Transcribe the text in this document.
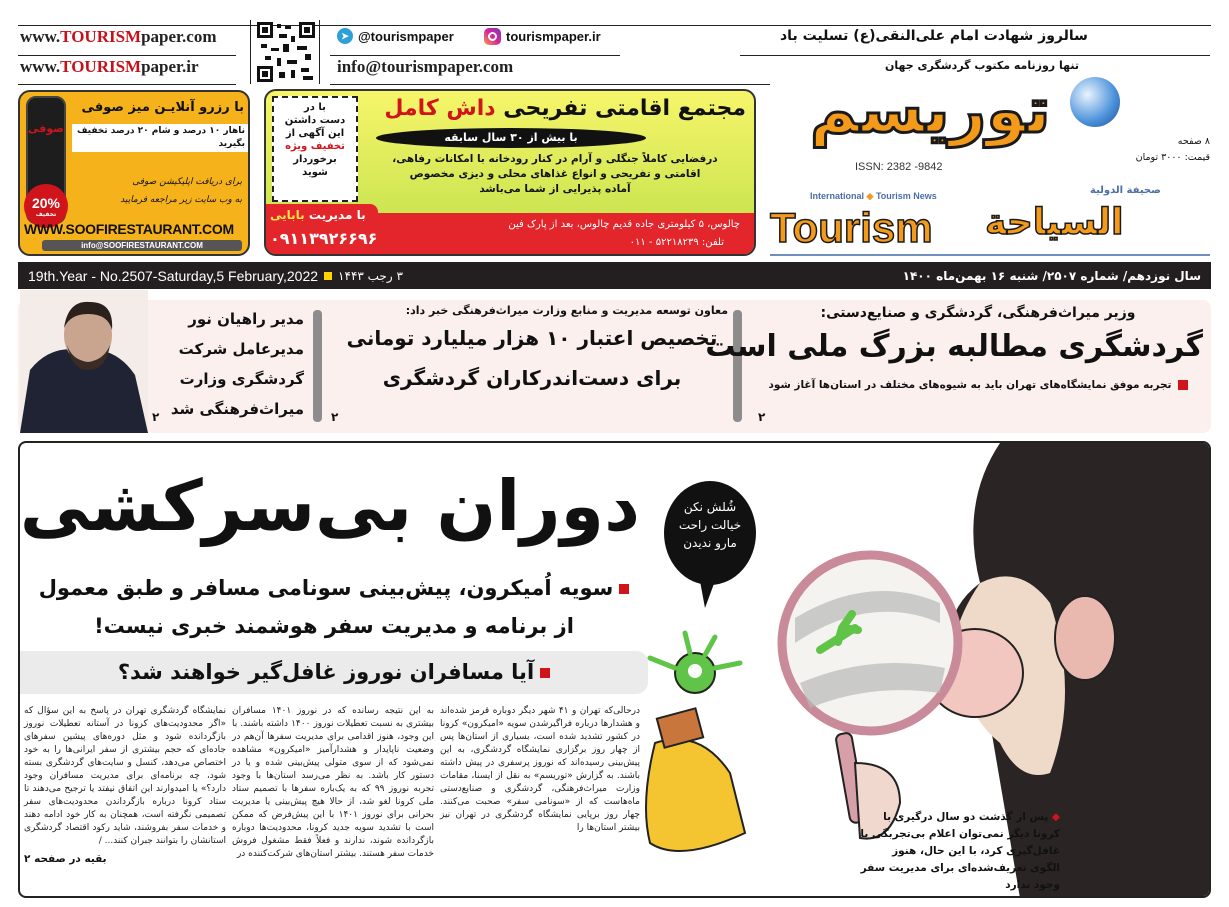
www.TOURISMpaper.com
www.TOURISMpaper.ir
➤ @tourismpaper	tourismpaper.ir
info@tourismpaper.com
سالروز شهادت امام علی‌النقی(ع) تسلیت باد
تنها روزنامه مکتوب گردشگری جهان
توریسم
ISSN: 2382 -9842
۸ صفحه
قیمت: ۳۰۰۰ تومان
International ◆ Tourism News
Tourism
صحيفة الدولية
السياحة
صوفی
20%
تخفیف
با رزرو آنلایـن میز صوفی
ناهار ۱۰ درصد و شام ۲۰ درصد تخفیف بگیرید
برای دریافت اپلیکیشن صوفی
به وب سایت زیر مراجعه فرمایید
WWW.SOOFIRESTAURANT.COM
info@SOOFIRESTAURANT.COM
مجتمع اقامتی تفریحی داش کامل
با بیش از ۳۰ سال سابقه
درفضایی کاملاً جنگلی و آرام در کنار رودخانه با امکانات رفاهی،
اقامتی و تفریحی و انواع غذاهای محلی و دیزی مخصوص
آماده پذیرایی از شما می‌باشد
با در
دست داشتن
این آگهی از
تخفیف ویژه
برخوردار
شوید
با مدیریت بابایی
۰۹۱۱۳۹۲۶۶۹۶
چالوس، ۵ کیلومتری جاده قدیم چالوس، بعد از پارک فین
تلفن: ۵۲۲۱۸۲۳۹ - ۰۱۱
19th.Year - No.2507-Saturday,5 February,2022 ۳ رجب ۱۴۴۳	سال نوزدهم/ شماره ۲۵۰۷/ شنبه ۱۶ بهمن‌ماه ۱۴۰۰
وزیر میراث‌فرهنگی، گردشگری و صنایع‌دستی:
گردشگری مطالبه بزرگ ملی است
تجربه موفق نمایشگاه‌های تهران باید به شیوه‌های مختلف در استان‌ها آغاز شود
۲
معاون توسعه مدیریت و منابع وزارت میراث‌فرهنگی خبر داد:
تخصیص اعتبار ۱۰ هزار میلیارد تومانی
برای دست‌اندرکاران گردشگری
۲
مدیر راهیان نور
مدیرعامل شرکت
گردشگری وزارت
میراث‌فرهنگی شد
۲
شُلش نکن
خیالت راحت
مارو ندیدن
◆ پس از گذشت دو سال درگیری با کرونا دیگر نمی‌توان اعلام بی‌تجربگی یا غافل‌گیری کرد، با این حال، هنوز الگوی تعریف‌شده‌ای برای مدیریت سفر وجود ندارد
دوران بی‌سرکشی
سویه اُمیکرون، پیش‌بینی سونامی مسافر و طبق معمول
از برنامه و مدیریت سفر هوشمند خبری نیست!
آیا مسافران نوروز غافل‌گیر خواهند شد؟
درحالی‌که تهران و ۴۱ شهر دیگر دوباره قرمز شده‌اند و هشدارها درباره فراگیرشدن سویه «امیکرون» کرونا در کشور تشدید شده است، بسیاری از استان‌ها پس از چهار روز برگزاری نمایشگاه گردشگری، به این پیش‌بینی رسیده‌اند که نوروز پرسفری در پیش داشته باشند. به گزارش «توریسم» به نقل از ایسنا، مقامات وزارت میراث‌فرهنگی، گردشگری و صنایع‌دستی ماه‌هاست که از «سونامی سفر» صحبت می‌کنند. چهار روز برپایی نمایشگاه گردشگری در تهران نیز بیشتر استان‌ها را
به این نتیجه رسانده که در نوروز ۱۴۰۱ مسافران بیشتری به نسبت تعطیلات نوروز ۱۴۰۰ داشته باشند. با این وجود، هنوز اقدامی برای مدیریت سفرها آن‌هم در وضعیت ناپایدار و هشدارآمیز «امیکرون» مشاهده نمی‌شود که از سوی متولی پیش‌بینی شده و یا در دستور کار باشد. به نظر می‌رسد استان‌ها با وجود تجربه نوروز ۹۹ که به یک‌باره سفرها با تصمیم ستاد ملی کرونا لغو شد، از حالا هیچ پیش‌بینی یا مدیریت بحرانی برای نوروز ۱۴۰۱ با این پیش‌فرض که ممکن است با تشدید سویه جدید کرونا، محدودیت‌ها دوباره بازگردانده شوند، ندارند و فعلاً فقط مشغول فروش خدمات سفر هستند. بیشتر استان‌های شرکت‌کننده در
نمایشگاه گردشگری تهران در پاسخ به این سؤال که «اگر محدودیت‌های کرونا در آستانه تعطیلات نوروز بازگردانده شود و مثل دوره‌های پیشین سفرهای جاده‌ای که حجم بیشتری از سفر ایرانی‌ها را به خود اختصاص می‌دهد، کنسل و سایت‌های گردشگری بسته شود، چه برنامه‌ای برای مدیریت مسافران وجود دارد؟» یا امیدوارند این اتفاق نیفتد یا ترجیح می‌دهند تا ستاد کرونا درباره بازگرداندن محدودیت‌های سفر تصمیمی نگرفته است، همچنان به کار خود ادامه دهند و خدمات سفر بفروشند، شاید رکود اقتصاد گردشگری استانشان را بتوانند جبران کنند... /
بقیه در صفحه ۲
